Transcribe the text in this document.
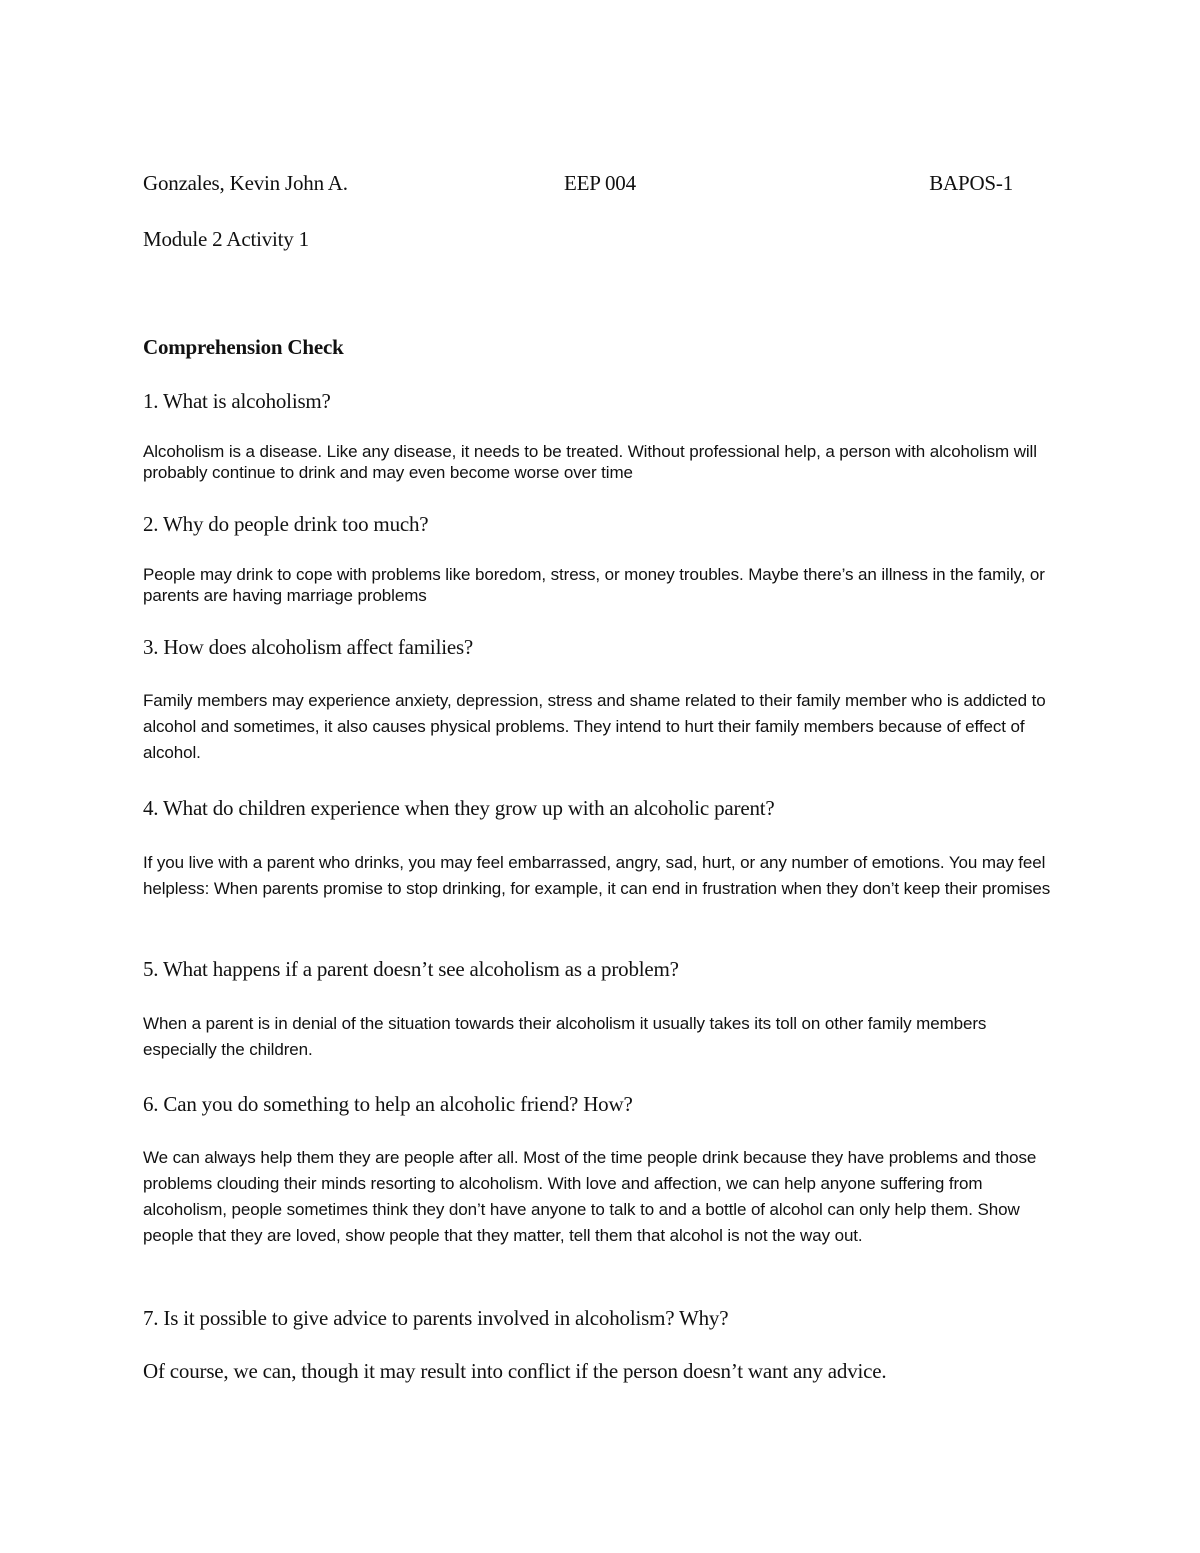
Gonzales, Kevin John A.	EEP 004	BAPOS-1
Module 2 Activity 1
Comprehension Check
1. What is alcoholism?
Alcoholism is a disease. Like any disease, it needs to be treated. Without professional help, a person with alcoholism will probably continue to drink and may even become worse over time
2. Why do people drink too much?
People may drink to cope with problems like boredom, stress, or money troubles. Maybe there’s an illness in the family, or parents are having marriage problems
3. How does alcoholism affect families?
Family members may experience anxiety, depression, stress and shame related to their family member who is addicted to alcohol and sometimes, it also causes physical problems. They intend to hurt their family members because of effect of alcohol.
4. What do children experience when they grow up with an alcoholic parent?
If you live with a parent who drinks, you may feel embarrassed, angry, sad, hurt, or any number of emotions. You may feel helpless: When parents promise to stop drinking, for example, it can end in frustration when they don’t keep their promises
5. What happens if a parent doesn’t see alcoholism as a problem?
When a parent is in denial of the situation towards their alcoholism it usually takes its toll on other family members especially the children.
6. Can you do something to help an alcoholic friend? How?
We can always help them they are people after all. Most of the time people drink because they have problems and those problems clouding their minds resorting to alcoholism. With love and affection, we can help anyone suffering from alcoholism, people sometimes think they don’t have anyone to talk to and a bottle of alcohol can only help them. Show people that they are loved, show people that they matter, tell them that alcohol is not the way out.
7. Is it possible to give advice to parents involved in alcoholism? Why?
Of course, we can, though it may result into conflict if the person doesn’t want any advice.
